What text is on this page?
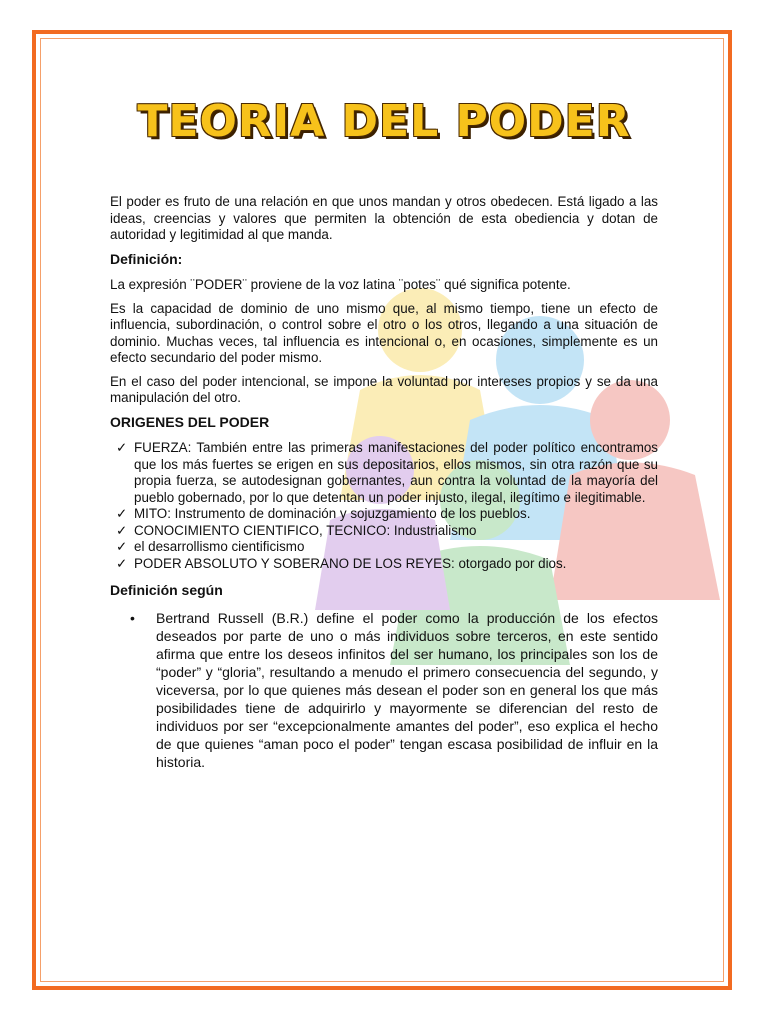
TEORIA DEL PODER

El poder es fruto de una relación en que unos mandan y otros obedecen. Está ligado a las ideas, creencias y valores que permiten la obtención de esta obediencia y dotan de autoridad y legitimidad al que manda.

Definición:

La expresión ¨PODER¨ proviene de la voz latina ¨potes¨ qué significa potente.

Es la capacidad de dominio de uno mismo que, al mismo tiempo, tiene un efecto de influencia, subordinación, o control sobre el otro o los otros, llegando a una situación de dominio. Muchas veces, tal influencia es intencional o, en ocasiones, simplemente es un efecto secundario del poder mismo.

En el caso del poder intencional, se impone la voluntad por intereses propios y se da una manipulación del otro.

ORIGENES DEL PODER
✓ FUERZA: También entre las primeras manifestaciones del poder político encontramos que los más fuertes se erigen en sus depositarios, ellos mismos, sin otra razón que su propia fuerza, se autodesignan gobernantes, aun contra la voluntad de la mayoría del pueblo gobernado, por lo que detentan un poder injusto, ilegal, ilegítimo e ilegitimable.
✓ MITO: Instrumento de dominación y sojuzgamiento de los pueblos.
✓ CONOCIMIENTO CIENTIFICO, TECNICO: Industrialismo
✓ el desarrollismo cientificismo
✓ PODER ABSOLUTO Y SOBERANO DE LOS REYES: otorgado por dios.
Definición según
• Bertrand Russell (B.R.) define el poder como la producción de los efectos deseados por parte de uno o más individuos sobre terceros, en este sentido afirma que entre los deseos infinitos del ser humano, los principales son los de “poder” y “gloria”, resultando a menudo el primero consecuencia del segundo, y viceversa, por lo que quienes más desean el poder son en general los que más posibilidades tiene de adquirirlo y mayormente se diferencian del resto de individuos por ser “excepcionalmente amantes del poder”, eso explica el hecho de que quienes “aman poco el poder” tengan escasa posibilidad de influir en la historia.
